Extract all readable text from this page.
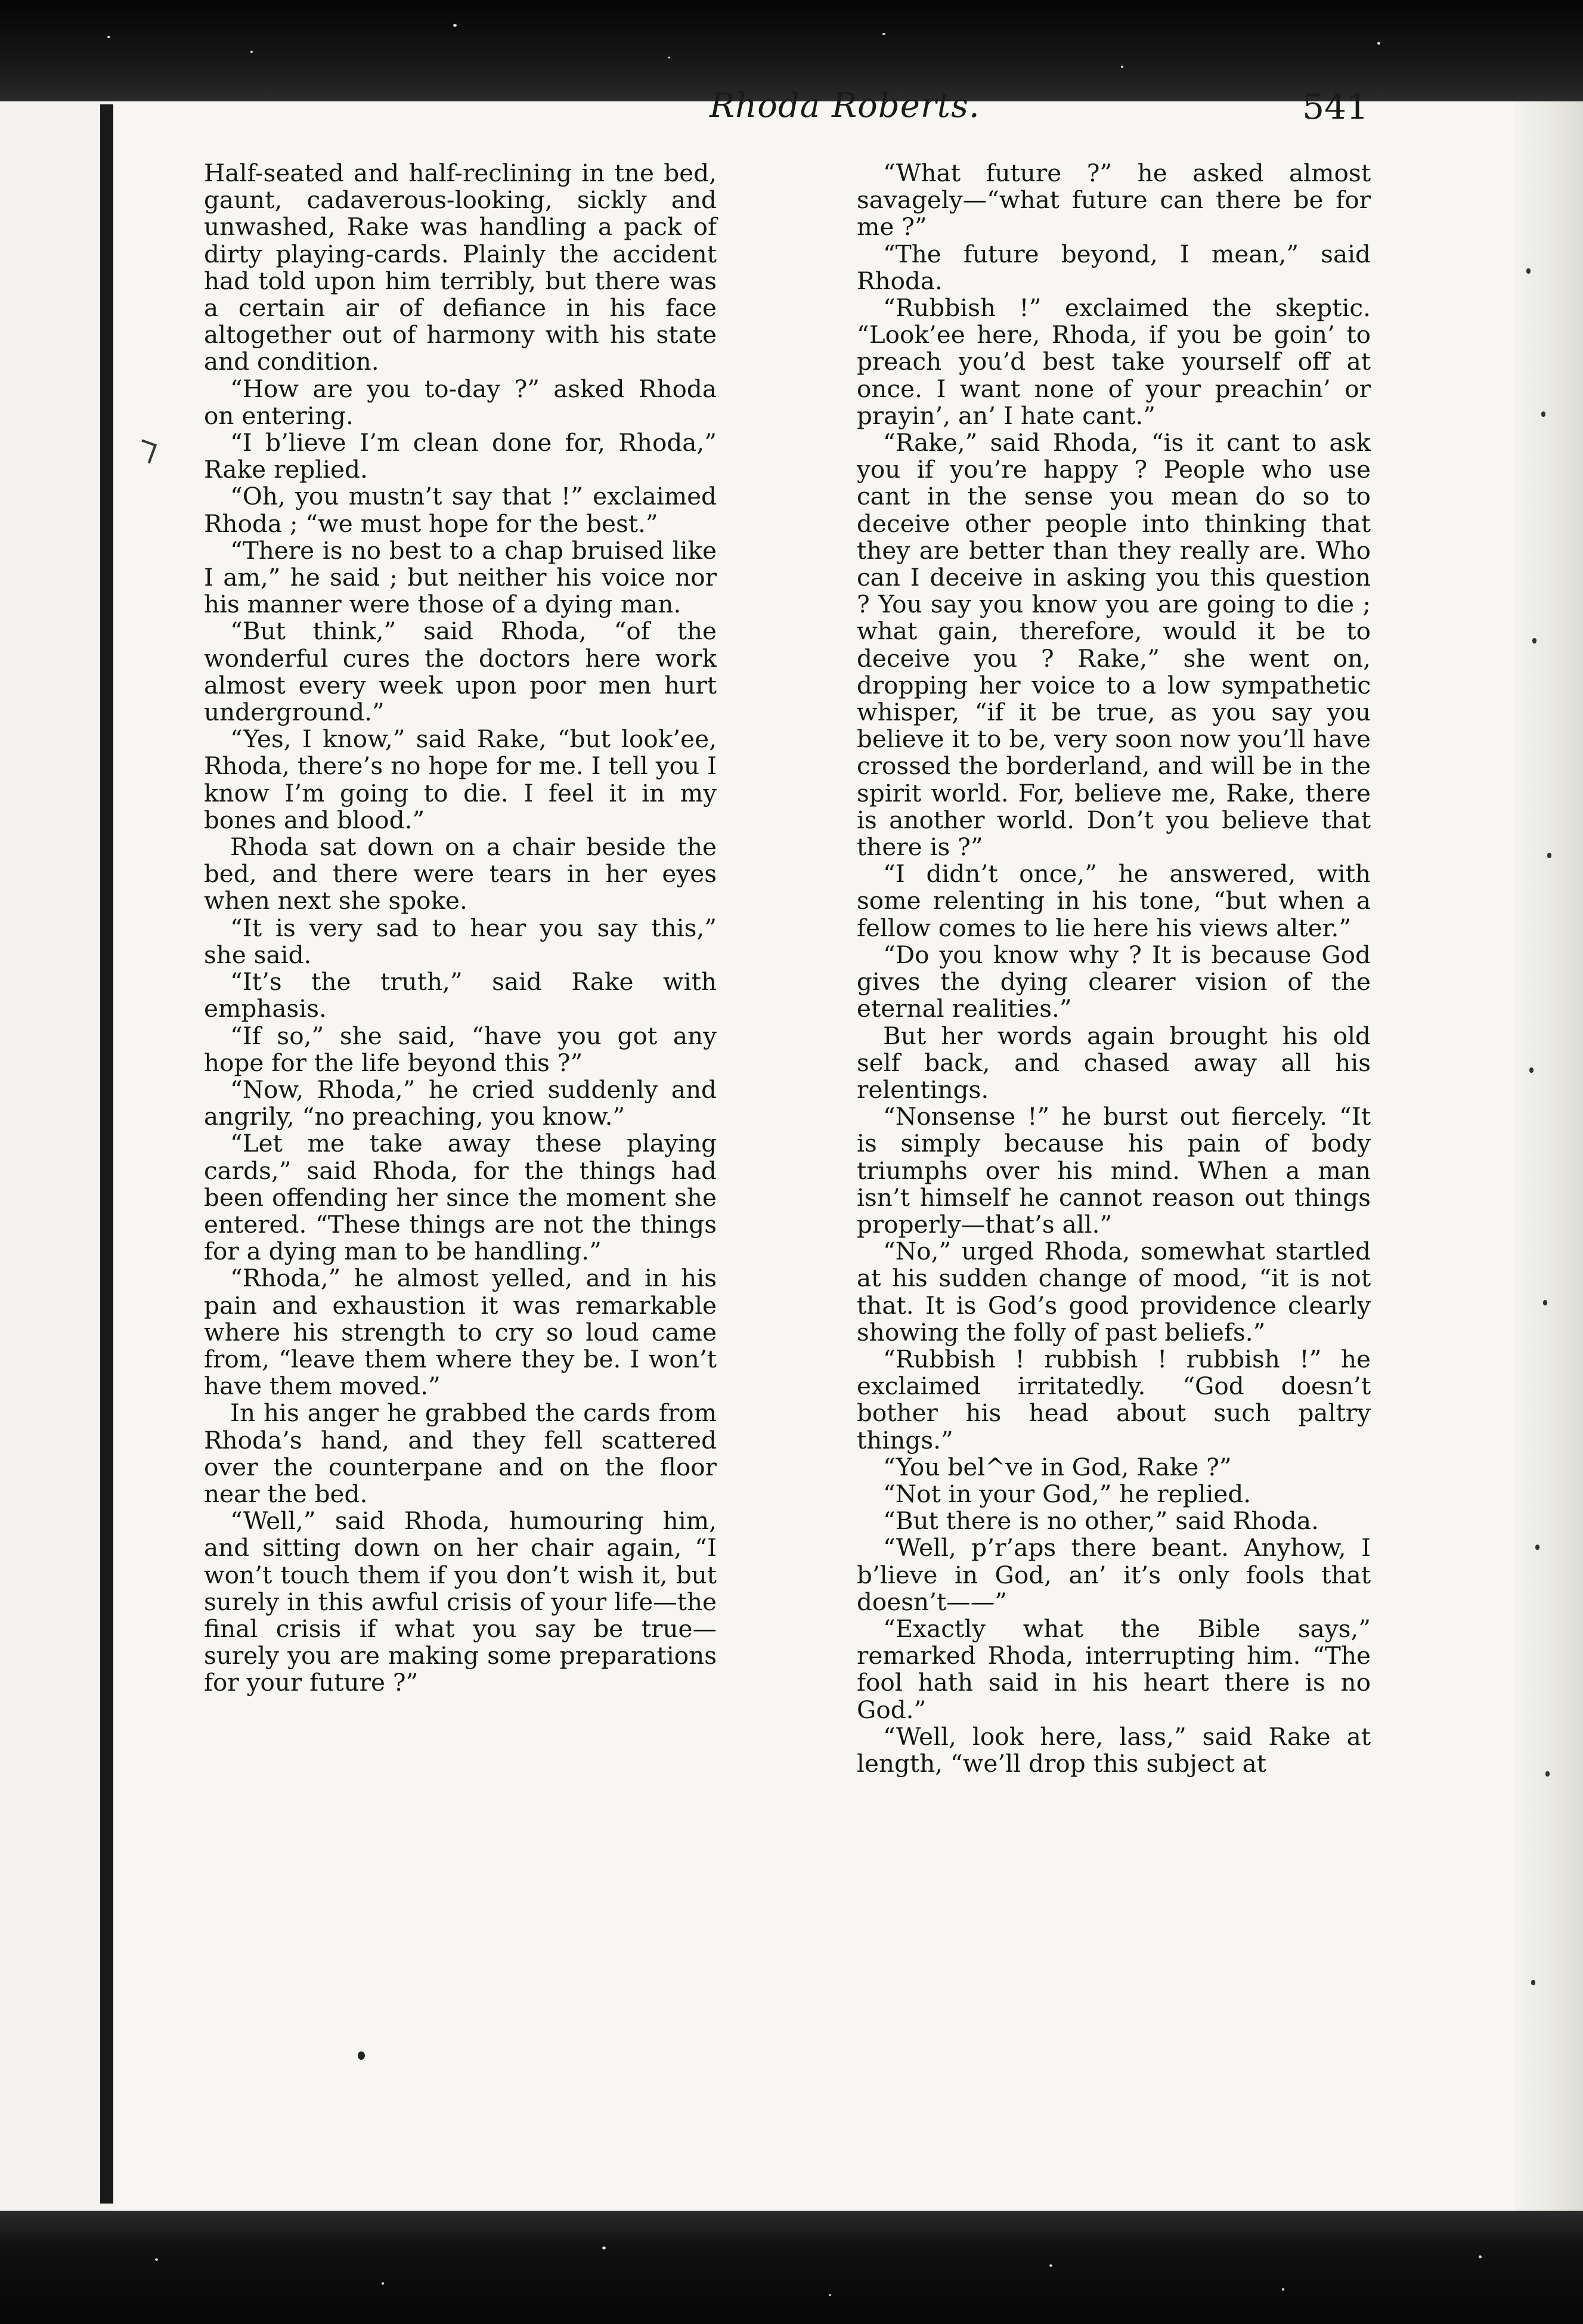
Rhoda Roberts.	541

Half-seated and half-reclining in tne bed, gaunt, cadaverous-looking, sickly and unwashed, Rake was handling a pack of dirty playing-cards. Plainly the accident had told upon him terribly, but there was a certain air of defiance in his face altogether out of harmony with his state and condition.

“How are you to-day ?” asked Rhoda on entering.

“I b’lieve I’m clean done for, Rhoda,” Rake replied.

“Oh, you mustn’t say that !” exclaimed Rhoda ; “we must hope for the best.”

“There is no best to a chap bruised like I am,” he said ; but neither his voice nor his manner were those of a dying man.

“But think,” said Rhoda, “of the wonderful cures the doctors here work almost every week upon poor men hurt underground.”

“Yes, I know,” said Rake, “but look’ee, Rhoda, there’s no hope for me. I tell you I know I’m going to die. I feel it in my bones and blood.”

Rhoda sat down on a chair beside the bed, and there were tears in her eyes when next she spoke.

“It is very sad to hear you say this,” she said.

“It’s the truth,” said Rake with emphasis.

“If so,” she said, “have you got any hope for the life beyond this ?”

“Now, Rhoda,” he cried suddenly and angrily, “no preaching, you know.”

“Let me take away these playing cards,” said Rhoda, for the things had been offending her since the moment she entered. “These things are not the things for a dying man to be handling.”

“Rhoda,” he almost yelled, and in his pain and exhaustion it was remarkable where his strength to cry so loud came from, “leave them where they be. I won’t have them moved.”

In his anger he grabbed the cards from Rhoda’s hand, and they fell scattered over the counterpane and on the floor near the bed.

“Well,” said Rhoda, humouring him, and sitting down on her chair again, “I won’t touch them if you don’t wish it, but surely in this awful crisis of your life—the final crisis if what you say be true—surely you are making some preparations for your future ?”

“What future ?” he asked almost savagely—“what future can there be for me ?”

“The future beyond, I mean,” said Rhoda.

“Rubbish !” exclaimed the skeptic. “Look’ee here, Rhoda, if you be goin’ to preach you’d best take yourself off at once. I want none of your preachin’ or prayin’, an’ I hate cant.”

“Rake,” said Rhoda, “is it cant to ask you if you’re happy ? People who use cant in the sense you mean do so to deceive other people into thinking that they are better than they really are. Who can I deceive in asking you this question ? You say you know you are going to die ; what gain, therefore, would it be to deceive you ? Rake,” she went on, dropping her voice to a low sympathetic whisper, “if it be true, as you say you believe it to be, very soon now you’ll have crossed the borderland, and will be in the spirit world. For, believe me, Rake, there is another world. Don’t you believe that there is ?”

“I didn’t once,” he answered, with some relenting in his tone, “but when a fellow comes to lie here his views alter.”

“Do you know why ? It is because God gives the dying clearer vision of the eternal realities.”

But her words again brought his old self back, and chased away all his relentings.

“Nonsense !” he burst out fiercely. “It is simply because his pain of body triumphs over his mind. When a man isn’t himself he cannot reason out things properly—that’s all.”

“No,” urged Rhoda, somewhat startled at his sudden change of mood, “it is not that. It is God’s good providence clearly showing the folly of past beliefs.”

“Rubbish ! rubbish ! rubbish !” he exclaimed irritatedly. “God doesn’t bother his head about such paltry things.”

“You bel^ve in God, Rake ?”

“Not in your God,” he replied.

“But there is no other,” said Rhoda.

“Well, p’r’aps there beant. Anyhow, I b’lieve in God, an’ it’s only fools that doesn’t——”

“Exactly what the Bible says,” remarked Rhoda, interrupting him. “The fool hath said in his heart there is no God.”

“Well, look here, lass,” said Rake at length, “we’ll drop this subject at
